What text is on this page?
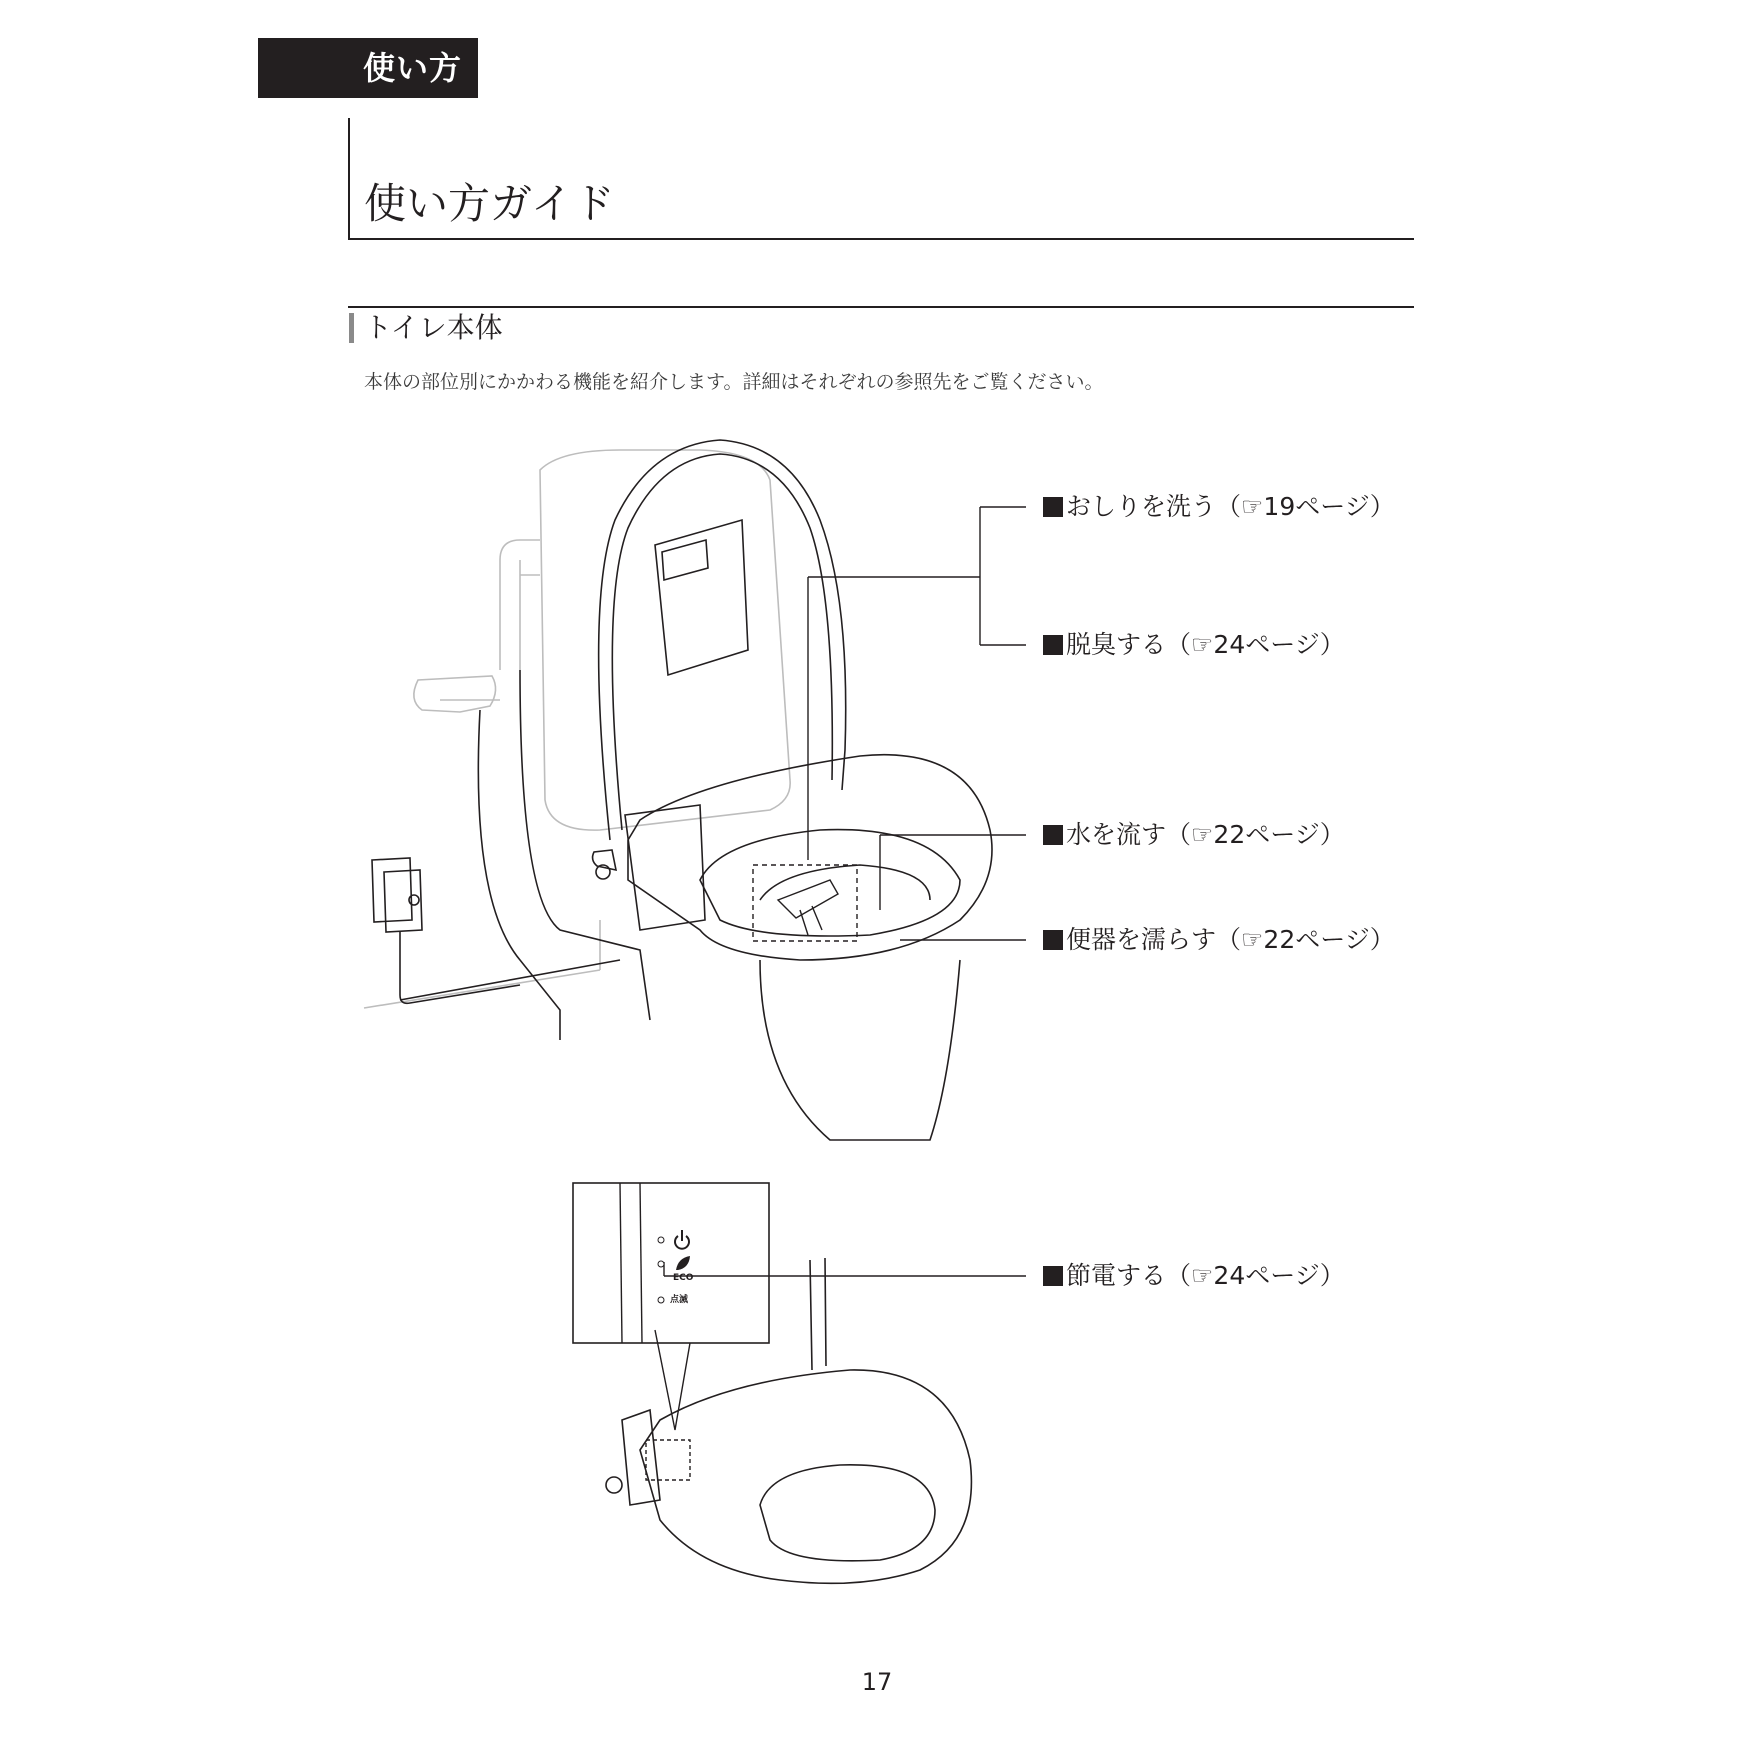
使い方
使い方ガイド
トイレ本体
本体の部位別にかかわる機能を紹介します。詳細はそれぞれの参照先をご覧ください。
ECO
点滅
おしりを洗う（☞19ページ）
脱臭する（☞24ページ）
水を流す（☞22ページ）
便器を濡らす（☞22ページ）
節電する（☞24ページ）
17
